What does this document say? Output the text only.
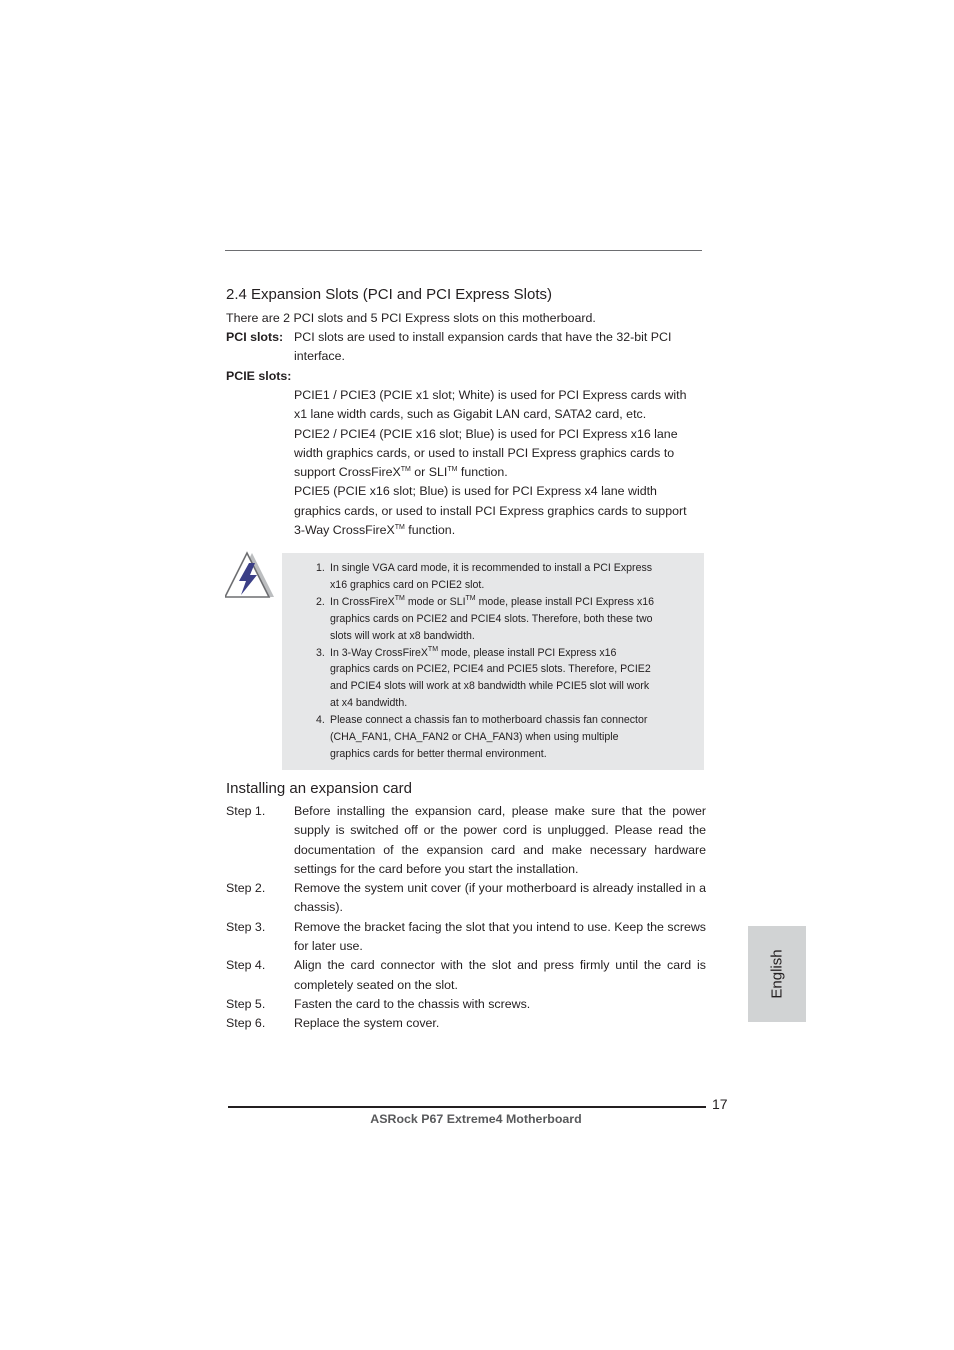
2.4 Expansion Slots (PCI and PCI Express Slots)
There are 2 PCI slots and 5 PCI Express slots on this motherboard.
PCI slots: PCI slots are used to install expansion cards that have the 32-bit PCI
interface.
PCIE slots:

PCIE1 / PCIE3 (PCIE x1 slot; White) is used for PCI Express cards with
x1 lane width cards, such as Gigabit LAN card, SATA2 card, etc.

PCIE2 / PCIE4 (PCIE x16 slot; Blue) is used for PCI Express x16 lane
width graphics cards, or used to install PCI Express graphics cards to
support CrossFireX™ or SLI™ function.

PCIE5 (PCIE x16 slot; Blue) is used for PCI Express x4 lane width
graphics cards, or used to install PCI Express graphics cards to support
3-Way CrossFireX™ function.

1. In single VGA card mode, it is recommended to install a PCI Express
x16 graphics card on PCIE2 slot.
2. In CrossFireX™ mode or SLI™ mode, please install PCI Express x16
graphics cards on PCIE2 and PCIE4 slots. Therefore, both these two
slots will work at x8 bandwidth.
3. In 3-Way CrossFireX™ mode, please install PCI Express x16
graphics cards on PCIE2, PCIE4 and PCIE5 slots. Therefore, PCIE2
and PCIE4 slots will work at x8 bandwidth while PCIE5 slot will work
at x4 bandwidth.
4. Please connect a chassis fan to motherboard chassis fan connector
(CHA_FAN1, CHA_FAN2 or CHA_FAN3) when using multiple
graphics cards for better thermal environment.
Installing an expansion card
Step 1.	Before installing the expansion card, please make sure that the power supply is switched off or the power cord is unplugged. Please read the documentation of the expansion card and make necessary hardware settings for the card before you start the installation.
Step 2.	Remove the system unit cover (if your motherboard is already installed in a chassis).
Step 3.	Remove the bracket facing the slot that you intend to use. Keep the screws for later use.
Step 4.	Align the card connector with the slot and press firmly until the card is completely seated on the slot.
Step 5.	Fasten the card to the chassis with screws.
Step 6.	Replace the system cover.
English
17
ASRock P67 Extreme4 Motherboard
